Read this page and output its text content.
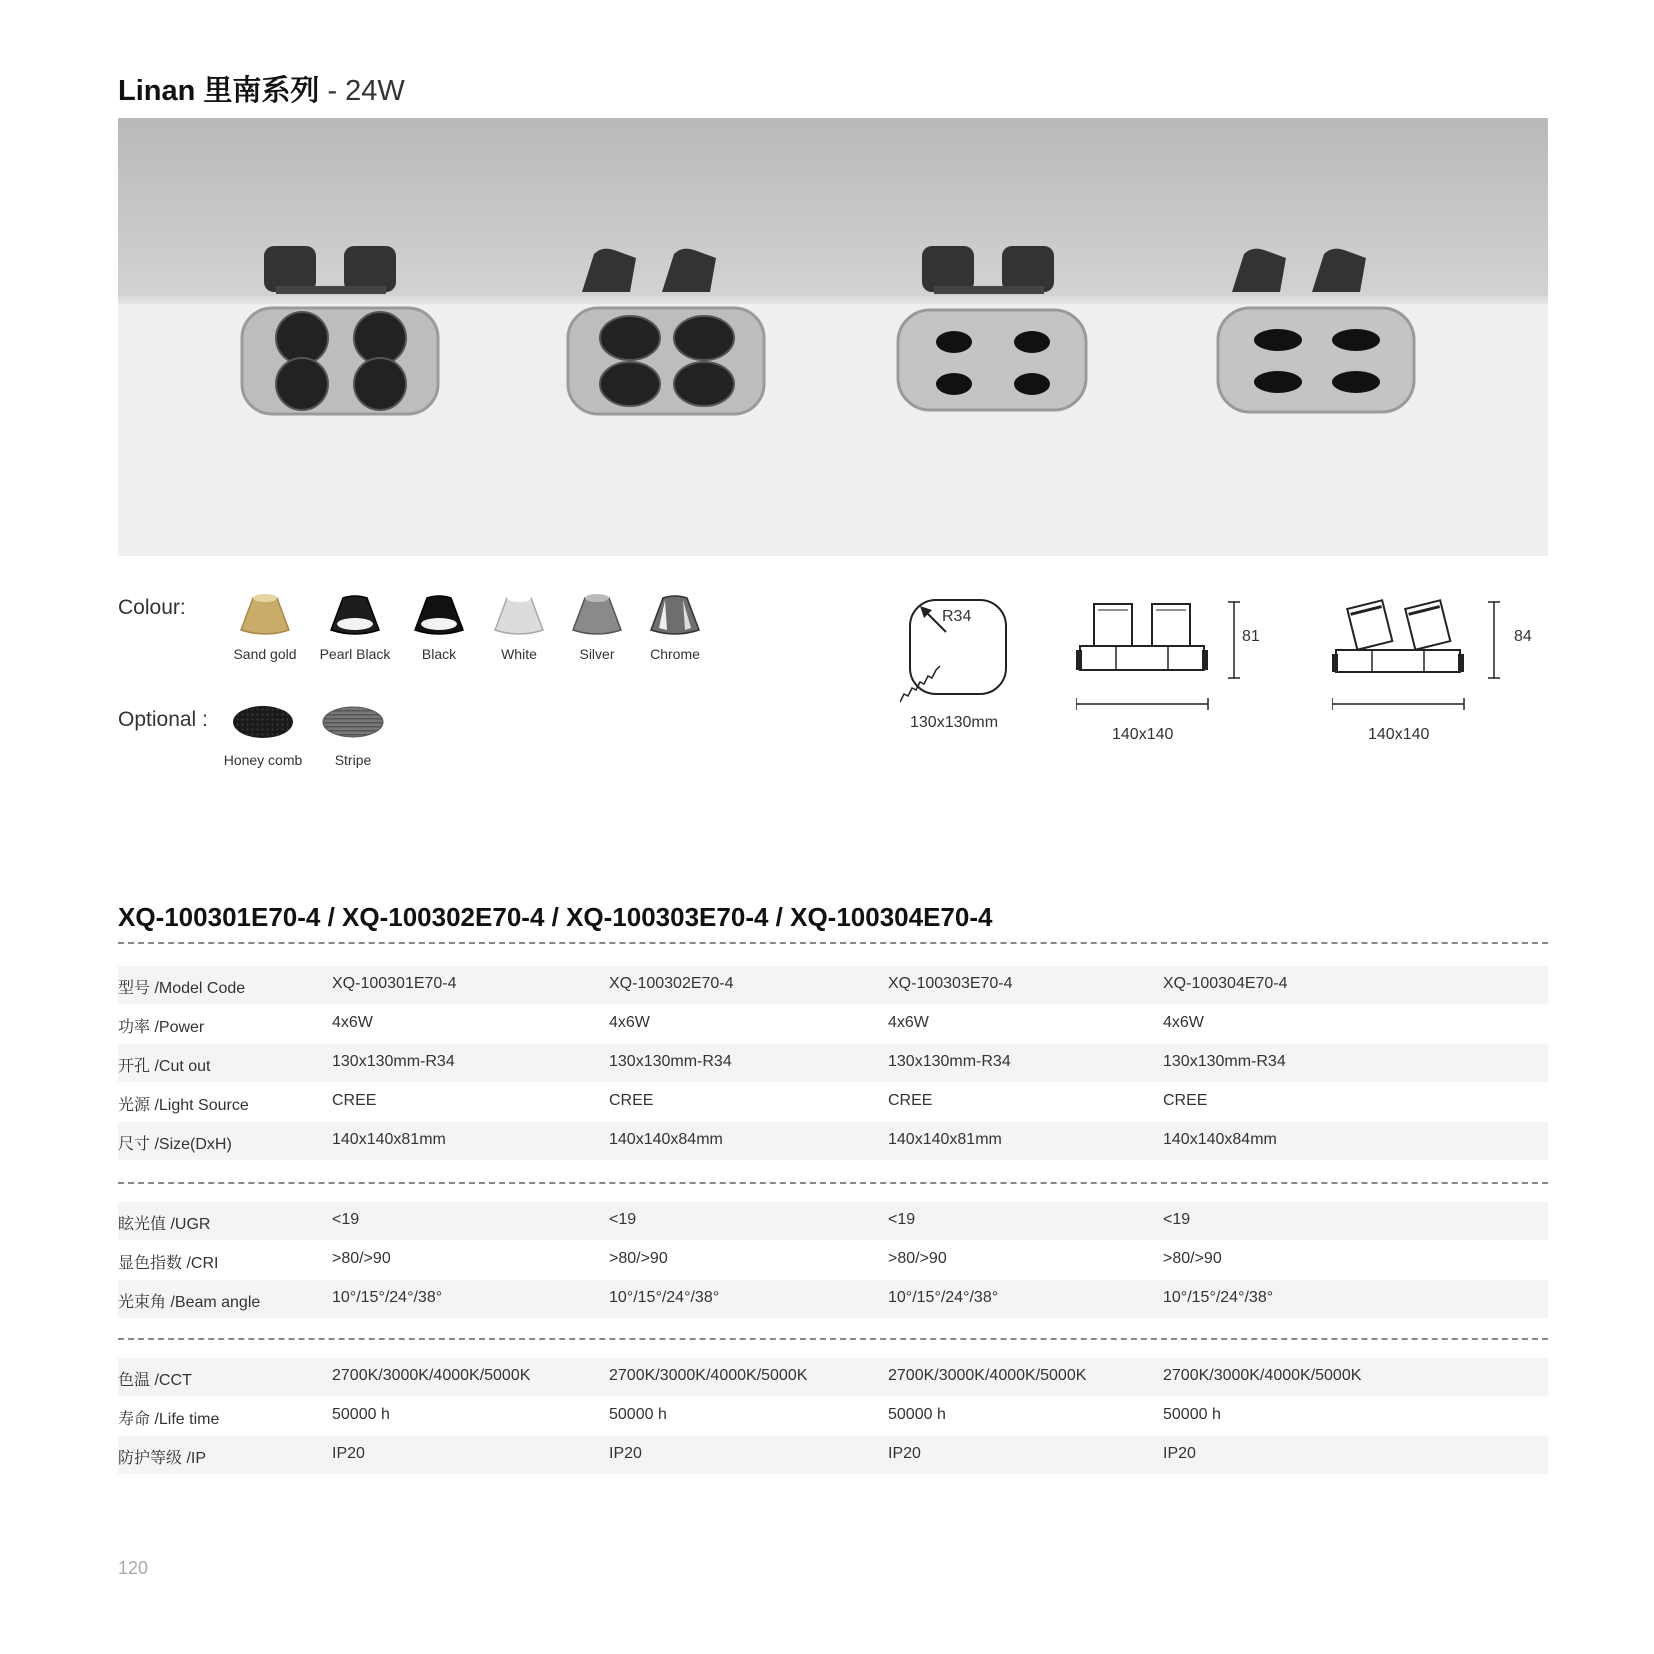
Linan 里南系列 - 24W
Colour:
Sand gold	Pearl Black	Black	White	Silver	Chrome
Optional :
Honey comb	Stripe
R34
130x130mm
81
140x140
84
140x140
XQ-100301E70-4 / XQ-100302E70-4 / XQ-100303E70-4 / XQ-100304E70-4
型号 /Model Code	XQ-100301E70-4	XQ-100302E70-4	XQ-100303E70-4	XQ-100304E70-4
功率 /Power	4x6W	4x6W	4x6W	4x6W
开孔 /Cut out	130x130mm-R34	130x130mm-R34	130x130mm-R34	130x130mm-R34
光源 /Light Source	CREE	CREE	CREE	CREE
尺寸 /Size(DxH)	140x140x81mm	140x140x84mm	140x140x81mm	140x140x84mm
眩光值 /UGR	<19	<19	<19	<19
显色指数 /CRI	>80/>90	>80/>90	>80/>90	>80/>90
光束角 /Beam angle	10°/15°/24°/38°	10°/15°/24°/38°	10°/15°/24°/38°	10°/15°/24°/38°
色温 /CCT	2700K/3000K/4000K/5000K	2700K/3000K/4000K/5000K	2700K/3000K/4000K/5000K	2700K/3000K/4000K/5000K
寿命 /Life time	50000 h	50000 h	50000 h	50000 h
防护等级 /IP	IP20	IP20	IP20	IP20
120
